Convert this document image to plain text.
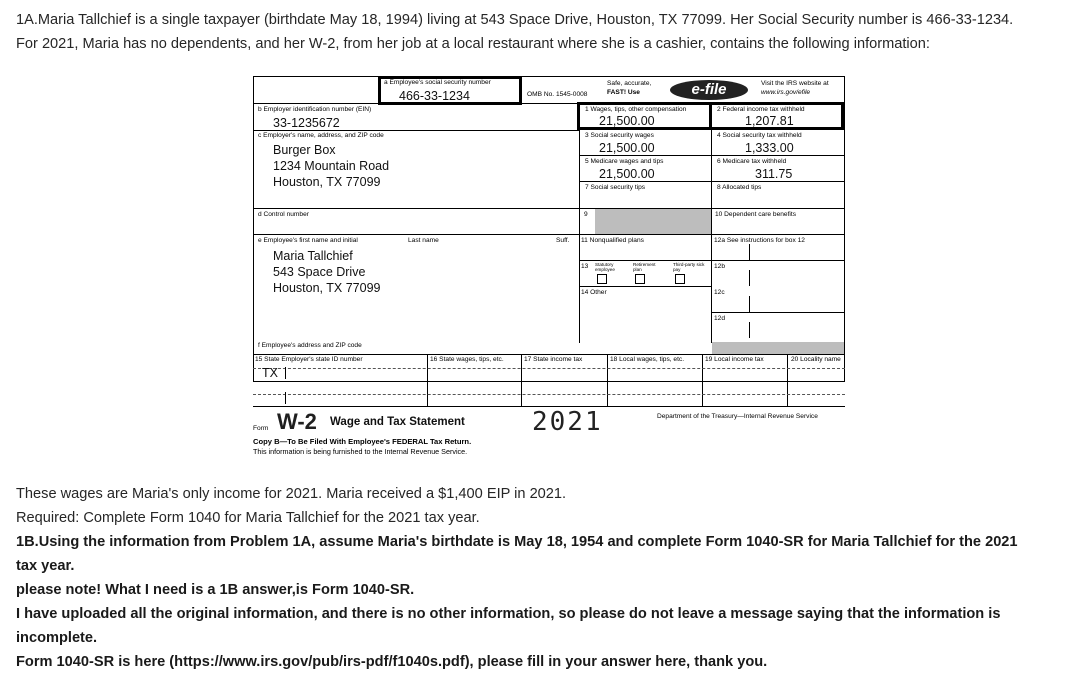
1A.Maria Tallchief is a single taxpayer (birthdate May 18, 1994) living at 543 Space Drive, Houston, TX 77099. Her Social Security number is 466-33-1234.

For 2021, Maria has no dependents, and her W-2, from her job at a local restaurant where she is a cashier, contains the following information:

a Employee's social security number
466-33-1234	OMB No. 1545-0008
Safe, accurate,
FAST! Use	e-file	Visit the IRS website at
www.irs.gov/efile
b Employer identification number (EIN)
33-1235672
c Employer's name, address, and ZIP code
Burger Box
1234 Mountain Road
Houston, TX 77099
1 Wages, tips, other compensation
21,500.00
2 Federal income tax withheld
1,207.81
3 Social security wages
21,500.00
4 Social security tax withheld
1,333.00
5 Medicare wages and tips
21,500.00
6 Medicare tax withheld
311.75
7 Social security tips	8 Allocated tips
d Control number	9	10 Dependent care benefits
e Employee's first name and initial	Last name	Suff.
Maria Tallchief
543 Space Drive
Houston, TX 77099
f Employee's address and ZIP code
11 Nonqualified plans
13 Statutory employee
Retirement plan
Third-party sick pay
14 Other
12a See instructions for box 12
12b
12c
12d
15 State Employer's state ID number
TX
16 State wages, tips, etc.	17 State income tax	18 Local wages, tips, etc.	19 Local income tax	20 Locality name
Form W-2 Wage and Tax Statement	2021	Department of the Treasury—Internal Revenue Service
Copy B—To Be Filed With Employee's FEDERAL Tax Return.
This information is being furnished to the Internal Revenue Service.

These wages are Maria's only income for 2021. Maria received a $1,400 EIP in 2021.

Required: Complete Form 1040 for Maria Tallchief for the 2021 tax year.

1B.Using the information from Problem 1A, assume Maria's birthdate is May 18, 1954 and complete Form 1040-SR for Maria Tallchief for the 2021

tax year.

please note! What I need is a 1B answer,is Form 1040-SR.

I have uploaded all the original information, and there is no other information, so please do not leave a message saying that the information is

incomplete.

Form 1040-SR is here (https://www.irs.gov/pub/irs-pdf/f1040s.pdf), please fill in your answer here, thank you.
